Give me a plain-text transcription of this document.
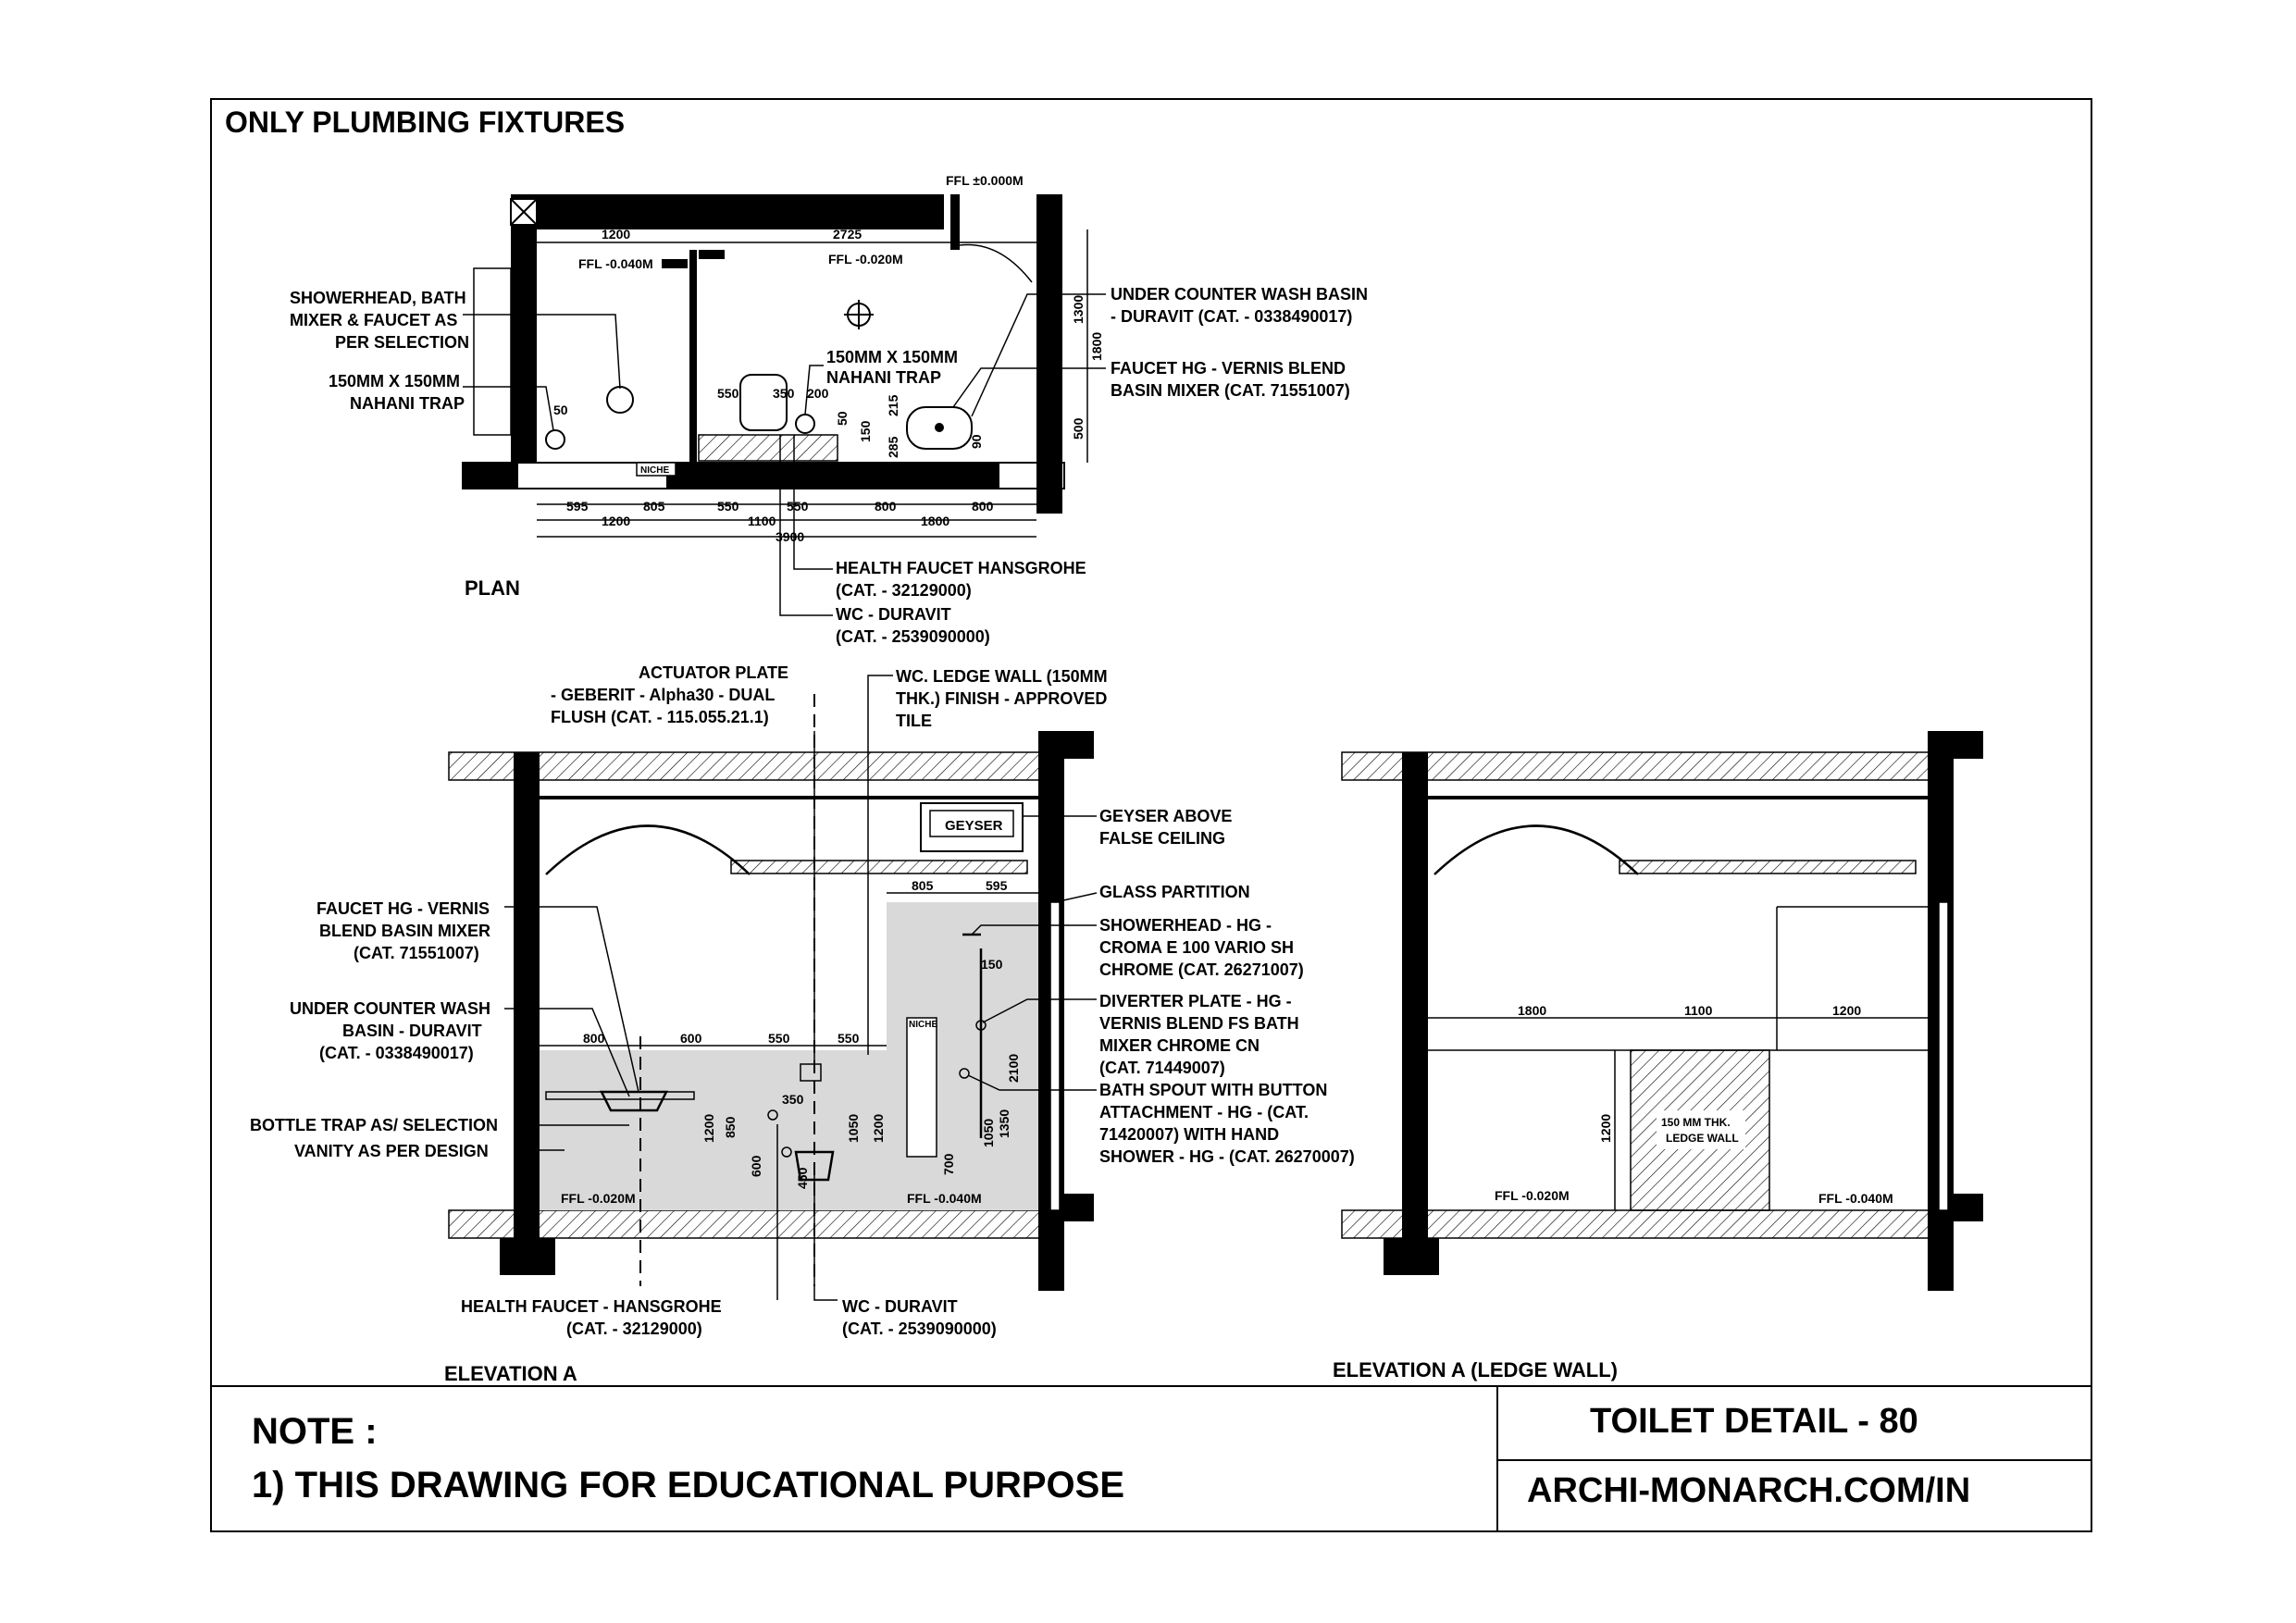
ONLY PLUMBING FIXTURES
NICHE
FFL ±0.000M
FFL -0.040M	FFL -0.020M
1200	2725
550	350 200
50
150
285
215
50
90
1300
1800
500
595	805	550	550	800	800
1200	1100	1800
3900
SHOWERHEAD, BATH
MIXER & FAUCET AS
PER SELECTION
150MM X 150MM
NAHANI TRAP
150MM X 150MM
NAHANI TRAP
UNDER COUNTER WASH BASIN
- DURAVIT (CAT. - 0338490017)
FAUCET HG - VERNIS BLEND
BASIN MIXER (CAT. 71551007)
HEALTH FAUCET HANSGROHE
(CAT. - 32129000)
WC - DURAVIT
(CAT. - 2539090000)
PLAN
GEYSER
NICHE
FFL -0.020M	FFL -0.040M
805	595
800	600	550	550
1200 850
600
450
1050 1200
700
1050 1350
2100
350
150
ACTUATOR PLATE
- GEBERIT - Alpha30 - DUAL
FLUSH (CAT. - 115.055.21.1)
WC. LEDGE WALL (150MM
THK.) FINISH - APPROVED
TILE
GEYSER ABOVE
FALSE CEILING
GLASS PARTITION
SHOWERHEAD - HG -
CROMA E 100 VARIO SH
CHROME (CAT. 26271007)
DIVERTER PLATE - HG -
VERNIS BLEND FS BATH
MIXER CHROME CN
(CAT. 71449007)
BATH SPOUT WITH BUTTON
ATTACHMENT - HG - (CAT.
71420007) WITH HAND
SHOWER - HG - (CAT. 26270007)
FAUCET HG - VERNIS
BLEND BASIN MIXER
(CAT. 71551007)
UNDER COUNTER WASH
BASIN - DURAVIT
(CAT. - 0338490017)
BOTTLE TRAP AS/ SELECTION
VANITY AS PER DESIGN
HEALTH FAUCET - HANSGROHE
(CAT. - 32129000)
WC - DURAVIT
(CAT. - 2539090000)
ELEVATION A
150 MM THK.
LEDGE WALL
1800	1100	1200
1200
FFL -0.020M	FFL -0.040M
ELEVATION A (LEDGE WALL)
NOTE :
1) THIS DRAWING FOR EDUCATIONAL PURPOSE
TOILET DETAIL - 80
ARCHI-MONARCH.COM/IN
